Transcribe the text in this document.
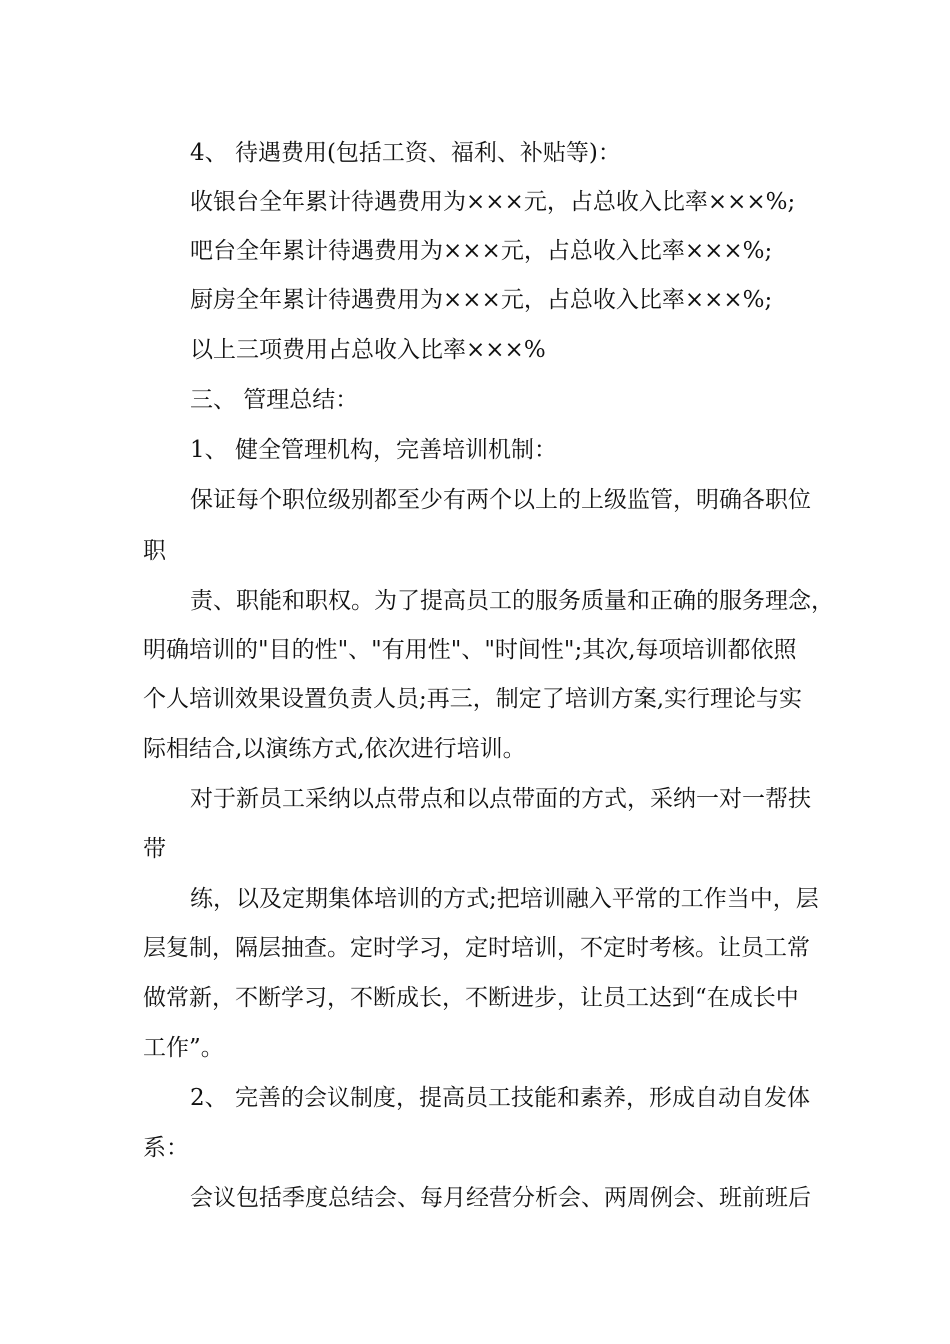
4、 待遇费用(包括工资、福利、补贴等)：
收银台全年累计待遇费用为×××元，占总收入比率×××%;
吧台全年累计待遇费用为×××元，占总收入比率×××%;
厨房全年累计待遇费用为×××元，占总收入比率×××%;
以上三项费用占总收入比率×××%
三、 管理总结：
1、 健全管理机构，完善培训机制：
保证每个职位级别都至少有两个以上的上级监管，明确各职位
职
责、职能和职权。为了提高员工的服务质量和正确的服务理念，
明确培训的"目的性"、"有用性"、"时间性";其次,每项培训都依照
个人培训效果设置负责人员;再三，制定了培训方案,实行理论与实
际相结合,以演练方式,依次进行培训。
对于新员工采纳以点带点和以点带面的方式，采纳一对一帮扶
带
练，以及定期集体培训的方式;把培训融入平常的工作当中，层
层复制，隔层抽查。定时学习，定时培训，不定时考核。让员工常
做常新，不断学习，不断成长，不断进步，让员工达到“在成长中
工作”。
2、 完善的会议制度，提高员工技能和素养，形成自动自发体
系：
会议包括季度总结会、每月经营分析会、两周例会、班前班后
